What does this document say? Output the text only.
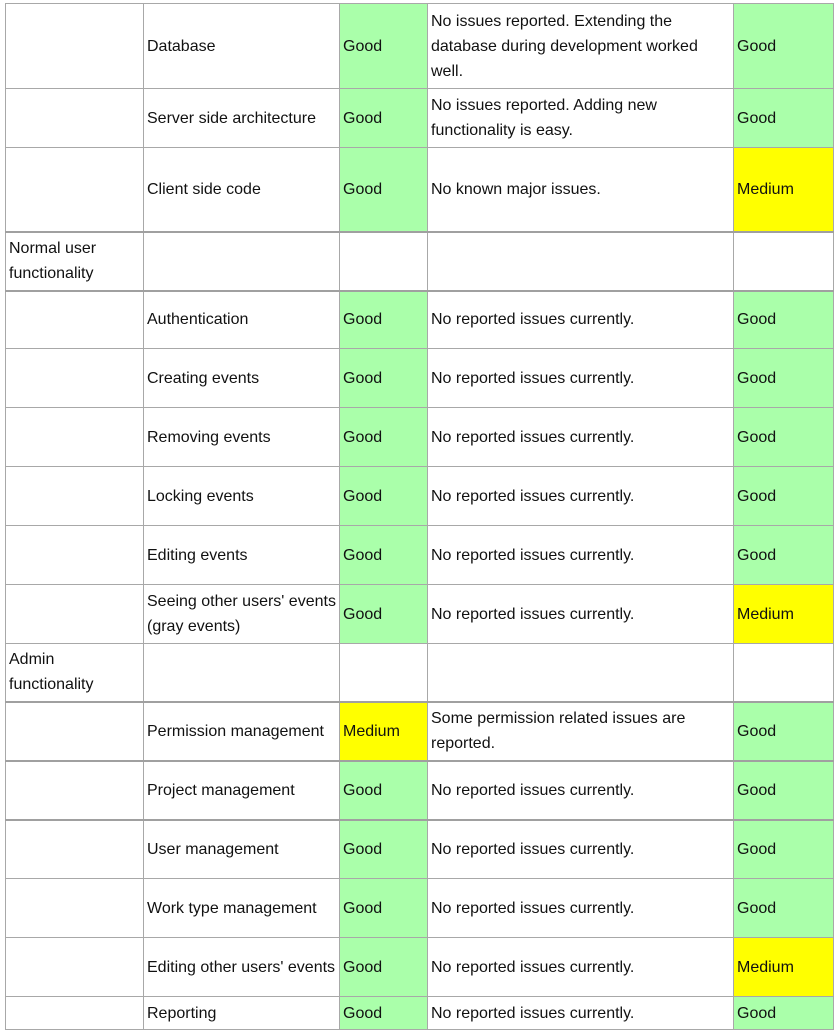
	Database	Good	No issues reported. Extending the database during development worked well.	Good
	Server side architecture	Good	No issues reported. Adding new functionality is easy.	Good
	Client side code	Good	No known major issues.	Medium
Normal user functionality				
	Authentication	Good	No reported issues currently.	Good
	Creating events	Good	No reported issues currently.	Good
	Removing events	Good	No reported issues currently.	Good
	Locking events	Good	No reported issues currently.	Good
	Editing events	Good	No reported issues currently.	Good
	Seeing other users' events (gray events)	Good	No reported issues currently.	Medium
Admin functionality				
	Permission management	Medium	Some permission related issues are reported.	Good
	Project management	Good	No reported issues currently.	Good
	User management	Good	No reported issues currently.	Good
	Work type management	Good	No reported issues currently.	Good
	Editing other users' events	Good	No reported issues currently.	Medium
	Reporting	Good	No reported issues currently.	Good
